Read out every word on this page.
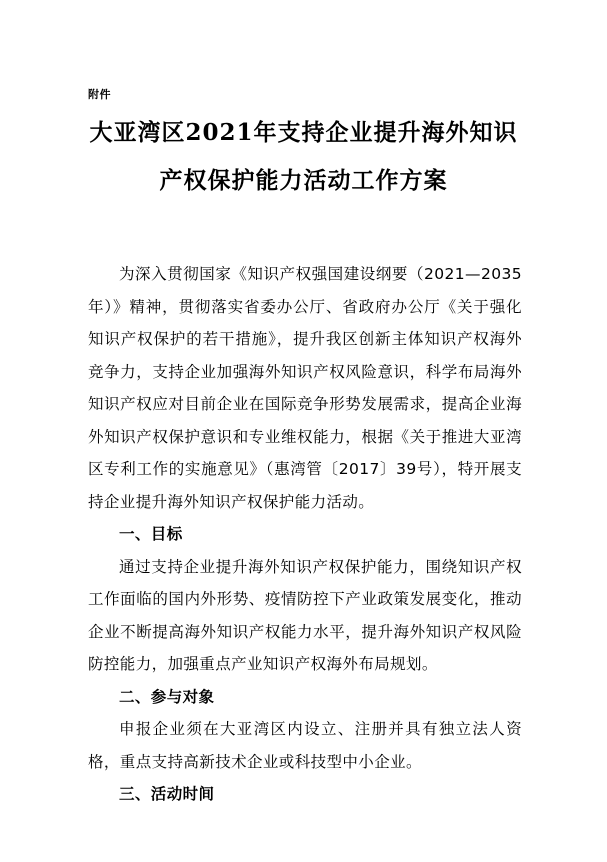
附件
大亚湾区2021年支持企业提升海外知识
产权保护能力活动工作方案

为深入贯彻国家《知识产权强国建设纲要（2021—2035年）》精神，贯彻落实省委办公厅、省政府办公厅《关于强化知识产权保护的若干措施》，提升我区创新主体知识产权海外竞争力，支持企业加强海外知识产权风险意识，科学布局海外知识产权应对目前企业在国际竞争形势发展需求，提高企业海外知识产权保护意识和专业维权能力，根据《关于推进大亚湾区专利工作的实施意见》（惠湾管〔2017〕39号），特开展支持企业提升海外知识产权保护能力活动。

一、目标

通过支持企业提升海外知识产权保护能力，围绕知识产权工作面临的国内外形势、疫情防控下产业政策发展变化，推动企业不断提高海外知识产权能力水平，提升海外知识产权风险防控能力，加强重点产业知识产权海外布局规划。

二、参与对象

申报企业须在大亚湾区内设立、注册并具有独立法人资格，重点支持高新技术企业或科技型中小企业。

三、活动时间
